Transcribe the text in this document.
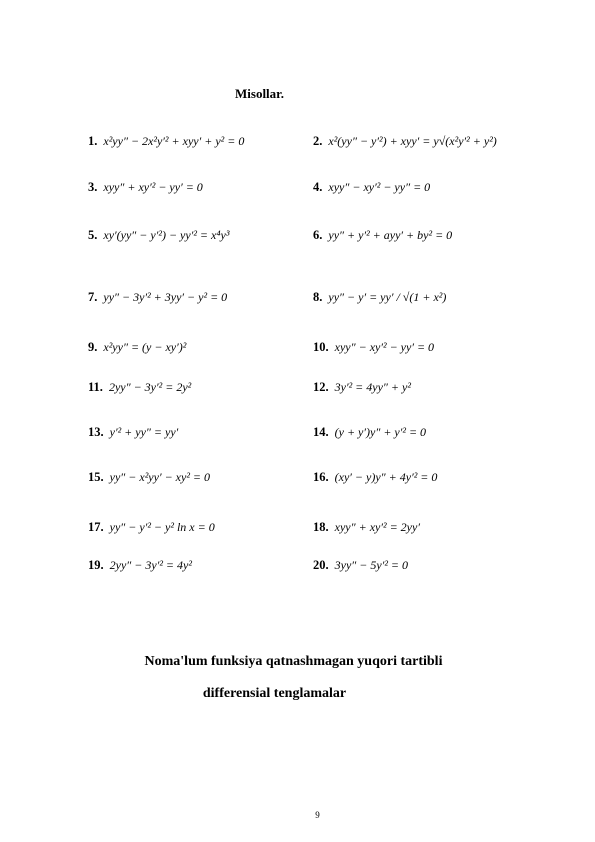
Misollar.
1. x²yy″ − 2x²y′² + xyy′ + y² = 0	2. x²(yy″ − y′²) + xyy′ = y√(x²y′² + y²)
3. xyy″ + xy′² − yy′ = 0	4. xyy″ − xy′² − yy″ = 0
5. xy′(yy″ − y′²) − yy′² = x⁴y³	6. yy″ + y′² + ayy′ + by² = 0
7. yy″ − 3y′² + 3yy′ − y² = 0	8. yy″ − y′ = yy′ / √(1 + x²)
9. x²yy″ = (y − xy′)²	10. xyy″ − xy′² − yy′ = 0
11. 2yy″ − 3y′² = 2y²	12. 3y′² = 4yy″ + y²
13. y′² + yy″ = yy′	14. (y + y′)y″ + y′² = 0
15. yy″ − x²yy′ − xy² = 0	16. (xy′ − y)y″ + 4y′² = 0
17. yy″ − y′² − y² ln x = 0	18. xyy″ + xy′² = 2yy′
19. 2yy″ − 3y′² = 4y²	20. 3yy″ − 5y′² = 0
Noma'lum funksiya qatnashmagan yuqori tartibli
differensial tenglamalar
9
